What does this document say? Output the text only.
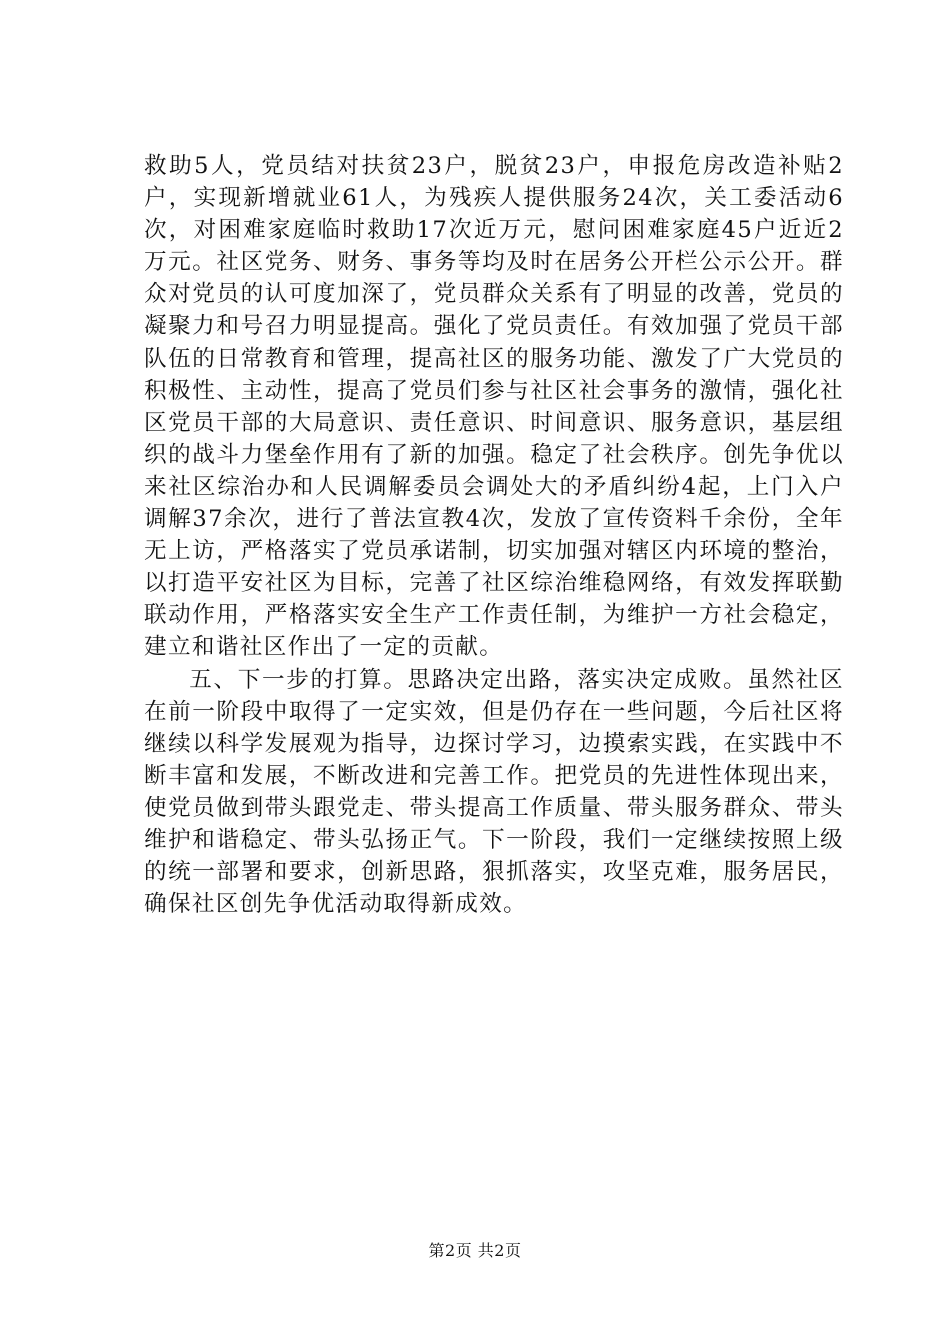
救助5人，党员结对扶贫23户，脱贫23户，申报危房改造补贴2户，实现新增就业61人，为残疾人提供服务24次，关工委活动6次，对困难家庭临时救助17次近万元，慰问困难家庭45户近近2万元。社区党务、财务、事务等均及时在居务公开栏公示公开。群众对党员的认可度加深了，党员群众关系有了明显的改善，党员的凝聚力和号召力明显提高。强化了党员责任。有效加强了党员干部队伍的日常教育和管理，提高社区的服务功能、激发了广大党员的积极性、主动性，提高了党员们参与社区社会事务的激情，强化社区党员干部的大局意识、责任意识、时间意识、服务意识，基层组织的战斗力堡垒作用有了新的加强。稳定了社会秩序。创先争优以来社区综治办和人民调解委员会调处大的矛盾纠纷4起，上门入户调解37余次，进行了普法宣教4次，发放了宣传资料千余份，全年无上访，严格落实了党员承诺制，切实加强对辖区内环境的整治，以打造平安社区为目标，完善了社区综治维稳网络，有效发挥联勤联动作用，严格落实安全生产工作责任制，为维护一方社会稳定，建立和谐社区作出了一定的贡献。

五、下一步的打算。思路决定出路，落实决定成败。虽然社区在前一阶段中取得了一定实效，但是仍存在一些问题，今后社区将继续以科学发展观为指导，边探讨学习，边摸索实践，在实践中不断丰富和发展，不断改进和完善工作。把党员的先进性体现出来，使党员做到带头跟党走、带头提高工作质量、带头服务群众、带头维护和谐稳定、带头弘扬正气。下一阶段，我们一定继续按照上级的统一部署和要求，创新思路，狠抓落实，攻坚克难，服务居民，确保社区创先争优活动取得新成效。

第2页 共2页
